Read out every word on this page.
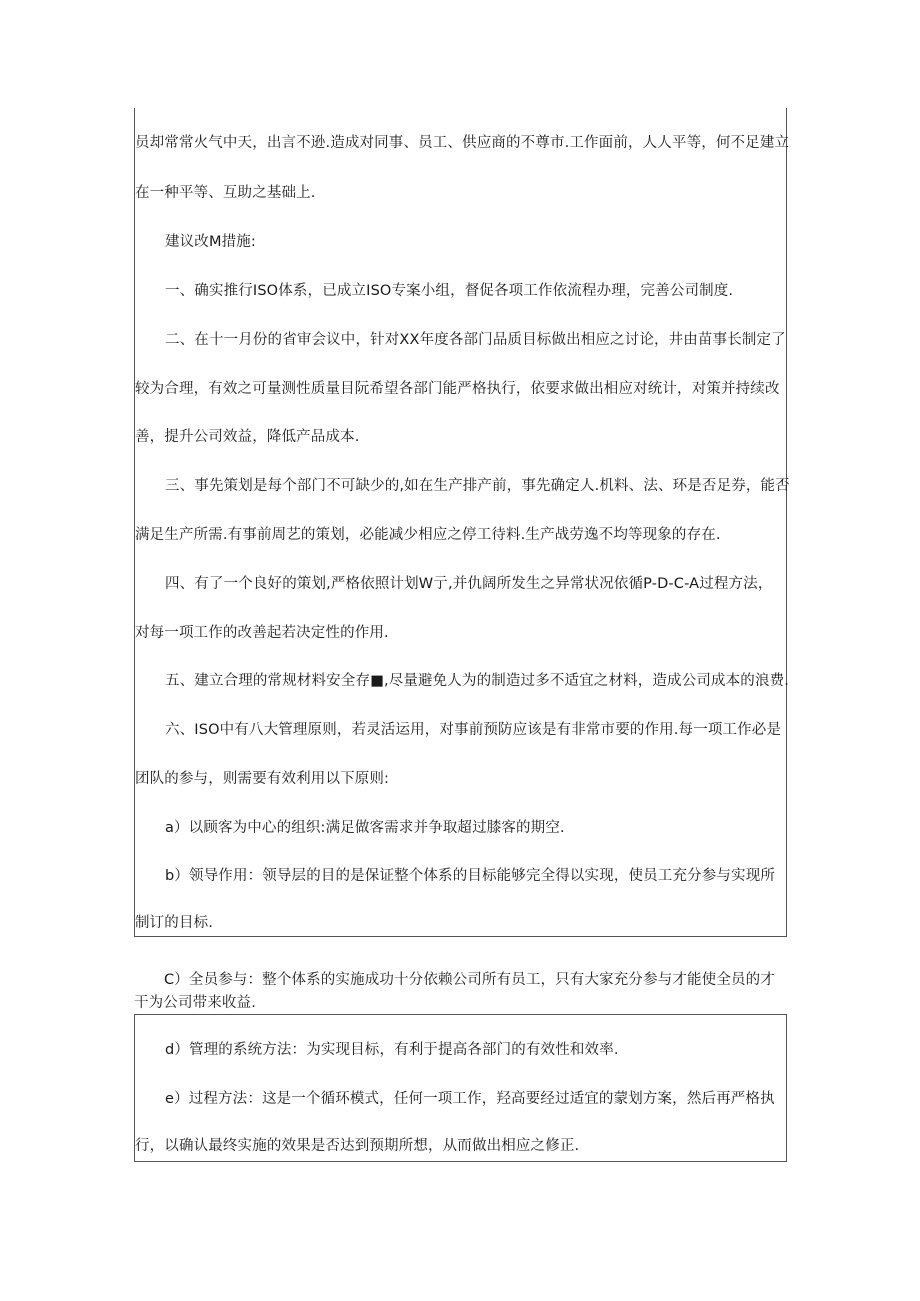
员却常常火气中天，出言不逊.造成对同事、员工、供应商的不尊市.工作面前，人人平等，何不足建立
在一种平等、互助之基础上.
建议改M措施:
一、确实推行ISO体系，已成立ISO专案小组，督促各项工作依流程办理，完善公司制度.
二、在十一月份的省审会议中，针对XX年度各部门品质目标做出相应之讨论，井由苗事长制定了
较为合理，有效之可量测性质量目阮希望各部门能严格执行，依要求做出相应对统计，对策并持续改
善，提升公司效益，降低产品成本.
三、事先策划是每个部门不可缺少的,如在生产排产前，事先确定人.机料、法、环是否足券，能否
满足生产所需.有事前周艺的策划，必能减少相应之停工待料.生产战劳逸不均等现象的存在.
四、有了一个良好的策划,严格依照计划W亍,并仇阔所发生之异常状况依循P-D-C-A过程方法，
对每一项工作的改善起若决定性的作用.
五、建立合理的常规材料安全存■,尽量避免人为的制造过多不适宜之材料，造成公司成本的浪费.
六、ISO中有八大管理原则，若灵活运用，对事前预防应该是有非常市要的作用.每一项工作必是
团队的参与，则需要有效利用以下原则:
a）以顾客为中心的组织:满足做客需求并争取超过膝客的期空.
b）领导作用：领导层的目的是保证整个体系的目标能够完全得以实现，使员工充分参与实现所
制订的目标.
C）全员参与：整个体系的实施成功十分依赖公司所有员工，只有大家充分参与才能使全员的才
干为公司带来收益.
d）管理的系统方法：为实现目标，有利于提高各部门的有效性和效率.
e）过程方法：这是一个循环模式，任何一项工作，羟高要经过适宜的蒙划方案，然后再严格执
行，以确认最终实施的效果是否达到预期所想，从而做出相应之修正.
